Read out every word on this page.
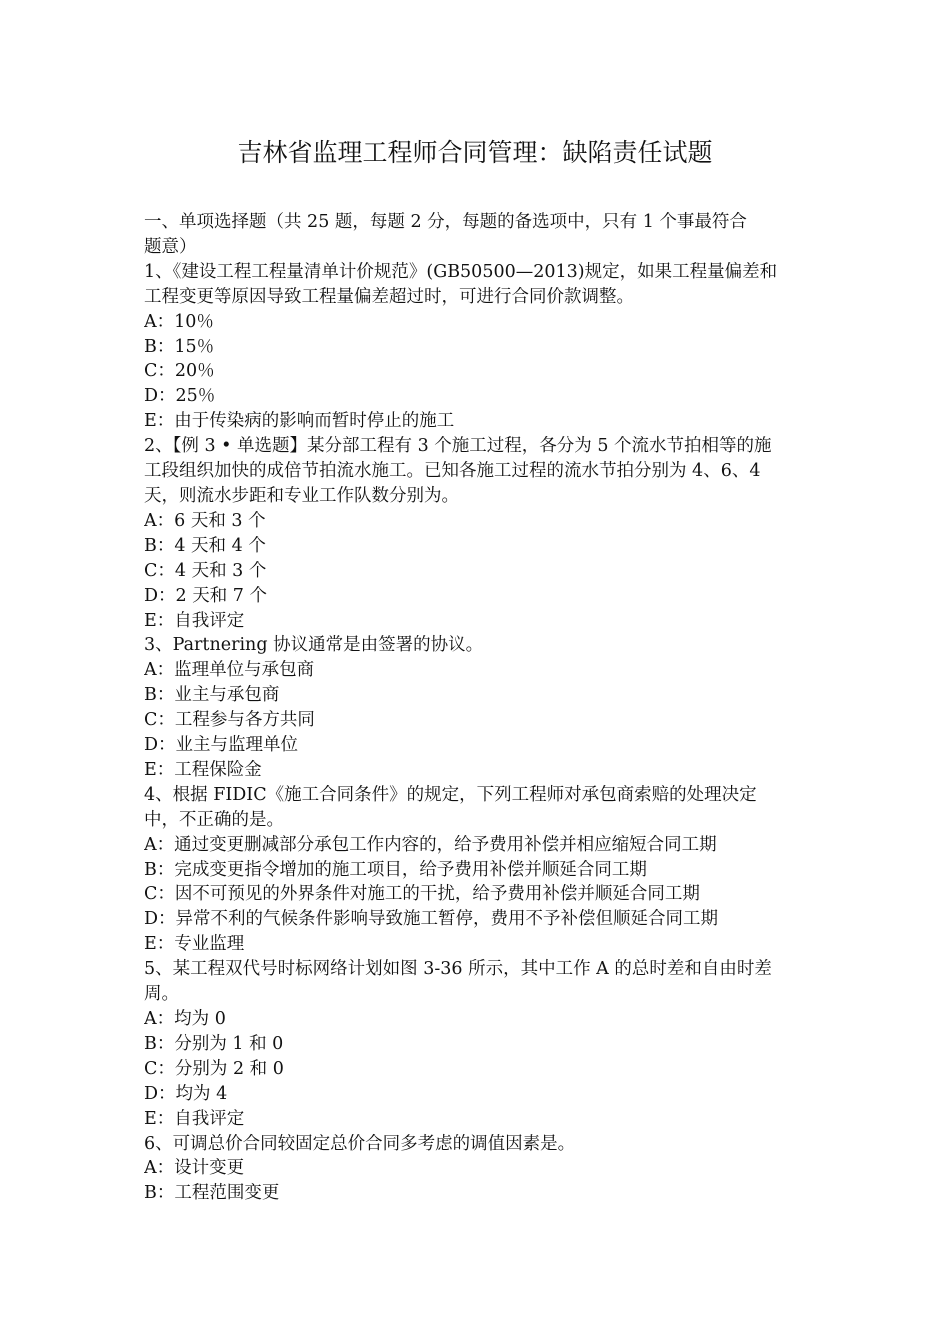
吉林省监理工程师合同管理：缺陷责任试题
一、单项选择题（共 25 题，每题 2 分，每题的备选项中，只有 1 个事最符合
题意）
1、《建设工程工程量清单计价规范》(GB50500—2013)规定，如果工程量偏差和
工程变更等原因导致工程量偏差超过时，可进行合同价款调整。
A：10％
B：15％
C：20％
D：25％
E：由于传染病的影响而暂时停止的施工
2、【例 3 • 单选题】某分部工程有 3 个施工过程，各分为 5 个流水节拍相等的施
工段组织加快的成倍节拍流水施工。已知各施工过程的流水节拍分别为 4、6、4
天，则流水步距和专业工作队数分别为。
A：6 天和 3 个
B：4 天和 4 个
C：4 天和 3 个
D：2 天和 7 个
E：自我评定
3、Partnering 协议通常是由签署的协议。
A：监理单位与承包商
B：业主与承包商
C：工程参与各方共同
D：业主与监理单位
E：工程保险金
4、根据 FIDIC《施工合同条件》的规定，下列工程师对承包商索赔的处理决定
中，不正确的是。
A：通过变更删减部分承包工作内容的，给予费用补偿并相应缩短合同工期
B：完成变更指令增加的施工项目，给予费用补偿并顺延合同工期
C：因不可预见的外界条件对施工的干扰，给予费用补偿并顺延合同工期
D：异常不利的气候条件影响导致施工暂停，费用不予补偿但顺延合同工期
E：专业监理
5、某工程双代号时标网络计划如图 3-36 所示，其中工作 A 的总时差和自由时差
周。
A：均为 0
B：分别为 1 和 0
C：分别为 2 和 0
D：均为 4
E：自我评定
6、可调总价合同较固定总价合同多考虑的调值因素是。
A：设计变更
B：工程范围变更
